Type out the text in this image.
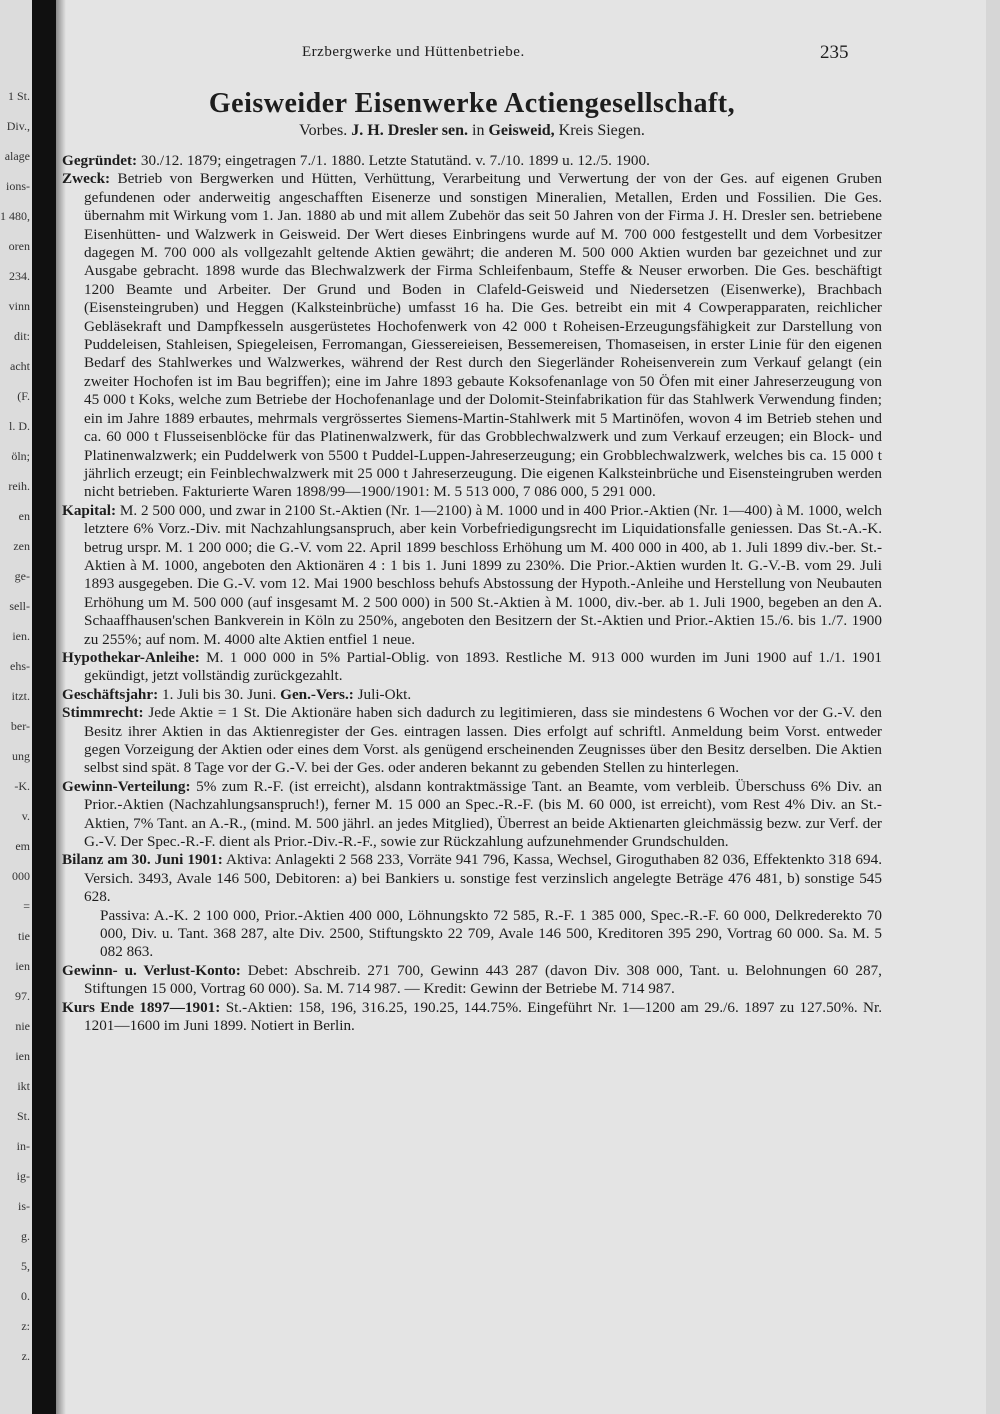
1 St.
Div.,
alage
ions-
1 480,
oren
234.
vinn
dit:
acht
(F.
l. D.
öln;
reih.
en
zen
ge-
sell-
ien.
ehs-
itzt.
ber-
ung
-K.
v.
em
000
=
tie
ien
97.
nie
ien
ikt
St.
in-
ig-
is-
g.
5,
0.
z:
z.
Erzbergwerke und Hüttenbetriebe.	235
Geisweider Eisenwerke Actiengesellschaft,
Vorbes. J. H. Dresler sen. in Geisweid, Kreis Siegen.

Gegründet: 30./12. 1879; eingetragen 7./1. 1880. Letzte Statutänd. v. 7./10. 1899 u. 12./5. 1900.

Zweck: Betrieb von Bergwerken und Hütten, Verhüttung, Verarbeitung und Verwertung der von der Ges. auf eigenen Gruben gefundenen oder anderweitig angeschafften Eisenerze und sonstigen Mineralien, Metallen, Erden und Fossilien. Die Ges. übernahm mit Wirkung vom 1. Jan. 1880 ab und mit allem Zubehör das seit 50 Jahren von der Firma J. H. Dresler sen. betriebene Eisenhütten- und Walzwerk in Geisweid. Der Wert dieses Einbringens wurde auf M. 700 000 festgestellt und dem Vorbesitzer dagegen M. 700 000 als vollgezahlt geltende Aktien gewährt; die anderen M. 500 000 Aktien wurden bar gezeichnet und zur Ausgabe gebracht. 1898 wurde das Blechwalzwerk der Firma Schleifenbaum, Steffe & Neuser erworben. Die Ges. beschäftigt 1200 Beamte und Arbeiter. Der Grund und Boden in Clafeld-Geisweid und Niedersetzen (Eisenwerke), Brachbach (Eisensteingruben) und Heggen (Kalksteinbrüche) umfasst 16 ha. Die Ges. betreibt ein mit 4 Cowperapparaten, reichlicher Gebläsekraft und Dampfkesseln ausgerüstetes Hochofenwerk von 42 000 t Roheisen-Erzeugungsfähigkeit zur Darstellung von Puddeleisen, Stahleisen, Spiegeleisen, Ferromangan, Giessereieisen, Bessemereisen, Thomaseisen, in erster Linie für den eigenen Bedarf des Stahlwerkes und Walzwerkes, während der Rest durch den Siegerländer Roheisenverein zum Verkauf gelangt (ein zweiter Hochofen ist im Bau begriffen); eine im Jahre 1893 gebaute Koksofenanlage von 50 Öfen mit einer Jahreserzeugung von 45 000 t Koks, welche zum Betriebe der Hochofenanlage und der Dolomit-Steinfabrikation für das Stahlwerk Verwendung finden; ein im Jahre 1889 erbautes, mehrmals vergrössertes Siemens-Martin-Stahlwerk mit 5 Martinöfen, wovon 4 im Betrieb stehen und ca. 60 000 t Flusseisenblöcke für das Platinenwalzwerk, für das Grobblechwalzwerk und zum Verkauf erzeugen; ein Block- und Platinenwalzwerk; ein Puddelwerk von 5500 t Puddel-Luppen-Jahreserzeugung; ein Grobblechwalzwerk, welches bis ca. 15 000 t jährlich erzeugt; ein Feinblechwalzwerk mit 25 000 t Jahreserzeugung. Die eigenen Kalksteinbrüche und Eisensteingruben werden nicht betrieben. Fakturierte Waren 1898/99—1900/1901: M. 5 513 000, 7 086 000, 5 291 000.

Kapital: M. 2 500 000, und zwar in 2100 St.-Aktien (Nr. 1—2100) à M. 1000 und in 400 Prior.-Aktien (Nr. 1—400) à M. 1000, welch letztere 6% Vorz.-Div. mit Nachzahlungsanspruch, aber kein Vorbefriedigungsrecht im Liquidationsfalle geniessen. Das St.-A.-K. betrug urspr. M. 1 200 000; die G.-V. vom 22. April 1899 beschloss Erhöhung um M. 400 000 in 400, ab 1. Juli 1899 div.-ber. St.-Aktien à M. 1000, angeboten den Aktionären 4 : 1 bis 1. Juni 1899 zu 230%. Die Prior.-Aktien wurden lt. G.-V.-B. vom 29. Juli 1893 ausgegeben. Die G.-V. vom 12. Mai 1900 beschloss behufs Abstossung der Hypoth.-Anleihe und Herstellung von Neubauten Erhöhung um M. 500 000 (auf insgesamt M. 2 500 000) in 500 St.-Aktien à M. 1000, div.-ber. ab 1. Juli 1900, begeben an den A. Schaaffhausen'schen Bankverein in Köln zu 250%, angeboten den Besitzern der St.-Aktien und Prior.-Aktien 15./6. bis 1./7. 1900 zu 255%; auf nom. M. 4000 alte Aktien entfiel 1 neue.

Hypothekar-Anleihe: M. 1 000 000 in 5% Partial-Oblig. von 1893. Restliche M. 913 000 wurden im Juni 1900 auf 1./1. 1901 gekündigt, jetzt vollständig zurückgezahlt.

Geschäftsjahr: 1. Juli bis 30. Juni. Gen.-Vers.: Juli-Okt.

Stimmrecht: Jede Aktie = 1 St. Die Aktionäre haben sich dadurch zu legitimieren, dass sie mindestens 6 Wochen vor der G.-V. den Besitz ihrer Aktien in das Aktienregister der Ges. eintragen lassen. Dies erfolgt auf schriftl. Anmeldung beim Vorst. entweder gegen Vorzeigung der Aktien oder eines dem Vorst. als genügend erscheinenden Zeugnisses über den Besitz derselben. Die Aktien selbst sind spät. 8 Tage vor der G.-V. bei der Ges. oder anderen bekannt zu gebenden Stellen zu hinterlegen.

Gewinn-Verteilung: 5% zum R.-F. (ist erreicht), alsdann kontraktmässige Tant. an Beamte, vom verbleib. Überschuss 6% Div. an Prior.-Aktien (Nachzahlungsanspruch!), ferner M. 15 000 an Spec.-R.-F. (bis M. 60 000, ist erreicht), vom Rest 4% Div. an St.-Aktien, 7% Tant. an A.-R., (mind. M. 500 jährl. an jedes Mitglied), Überrest an beide Aktienarten gleichmässig bezw. zur Verf. der G.-V. Der Spec.-R.-F. dient als Prior.-Div.-R.-F., sowie zur Rückzahlung aufzunehmender Grundschulden.

Bilanz am 30. Juni 1901: Aktiva: Anlagekti 2 568 233, Vorräte 941 796, Kassa, Wechsel, Giroguthaben 82 036, Effektenkto 318 694. Versich. 3493, Avale 146 500, Debitoren: a) bei Bankiers u. sonstige fest verzinslich angelegte Beträge 476 481, b) sonstige 545 628.

Passiva: A.-K. 2 100 000, Prior.-Aktien 400 000, Löhnungskto 72 585, R.-F. 1 385 000, Spec.-R.-F. 60 000, Delkrederekto 70 000, Div. u. Tant. 368 287, alte Div. 2500, Stiftungskto 22 709, Avale 146 500, Kreditoren 395 290, Vortrag 60 000. Sa. M. 5 082 863.

Gewinn- u. Verlust-Konto: Debet: Abschreib. 271 700, Gewinn 443 287 (davon Div. 308 000, Tant. u. Belohnungen 60 287, Stiftungen 15 000, Vortrag 60 000). Sa. M. 714 987. — Kredit: Gewinn der Betriebe M. 714 987.

Kurs Ende 1897—1901: St.-Aktien: 158, 196, 316.25, 190.25, 144.75%. Eingeführt Nr. 1—1200 am 29./6. 1897 zu 127.50%. Nr. 1201—1600 im Juni 1899. Notiert in Berlin.
